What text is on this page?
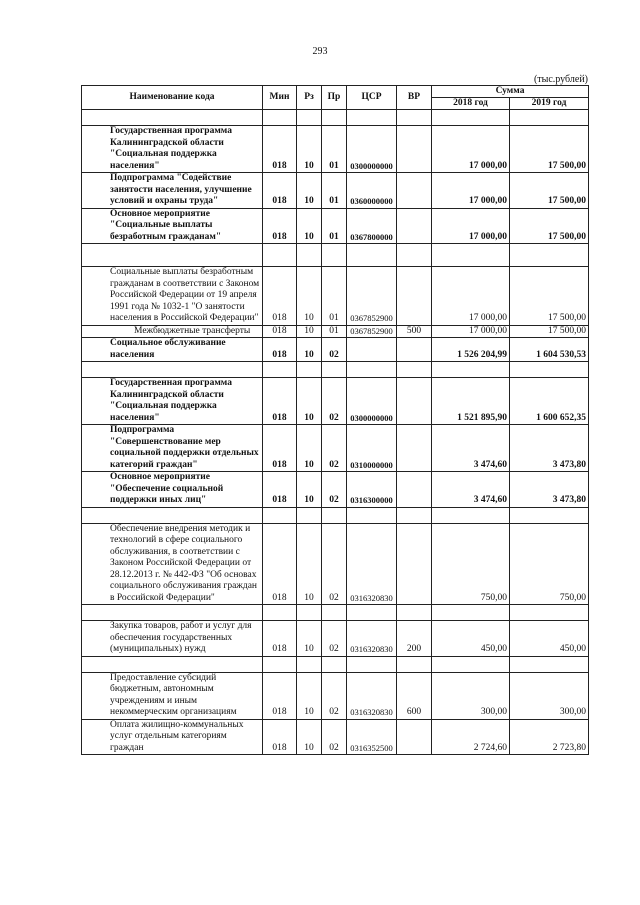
293
(тыс.рублей)
Наименование кода	Мин	Рз	Пр	ЦСР	ВР	Сумма	
						2018 год	2019 год

Государственная программа Калининградской области "Социальная поддержка населения"	018	10	01	0300000000		17 000,00	17 500,00

Подпрограмма "Содействие занятости населения, улучшение условий и охраны труда"	018	10	01	0360000000		17 000,00	17 500,00

Основное мероприятие "Социальные выплаты безработным гражданам"	018	10	01	0367800000		17 000,00	17 500,00

Социальные выплаты безработным гражданам в соответствии с Законом Российской Федерации от 19 апреля 1991 года № 1032-1 "О занятости населения в Российской Федерации"	018	10	01	0367852900		17 000,00	17 500,00

Межбюджетные трансферты	018	10	01	0367852900	500	17 000,00	17 500,00

Социальное обслуживание населения	018	10	02			1 526 204,99	1 604 530,53

Государственная программа Калининградской области "Социальная поддержка населения"	018	10	02	0300000000		1 521 895,90	1 600 652,35

Подпрограмма "Совершенствование мер социальной поддержки отдельных категорий граждан"	018	10	02	0310000000		3 474,60	3 473,80

Основное мероприятие "Обеспечение социальной поддержки иных лиц"	018	10	02	0316300000		3 474,60	3 473,80

Обеспечение внедрения методик и технологий в сфере социального обслуживания, в соответствии с Законом Российской Федерации от 28.12.2013 г. № 442-ФЗ "Об основах социального обслуживания граждан в Российской Федерации"	018	10	02	0316320830		750,00	750,00

Закупка товаров, работ и услуг для обеспечения государственных (муниципальных) нужд	018	10	02	0316320830	200	450,00	450,00

Предоставление субсидий бюджетным, автономным учреждениям и иным некоммерческим организациям	018	10	02	0316320830	600	300,00	300,00

Оплата жилищно-коммунальных услуг отдельным категориям граждан	018	10	02	0316352500		2 724,60	2 723,80
